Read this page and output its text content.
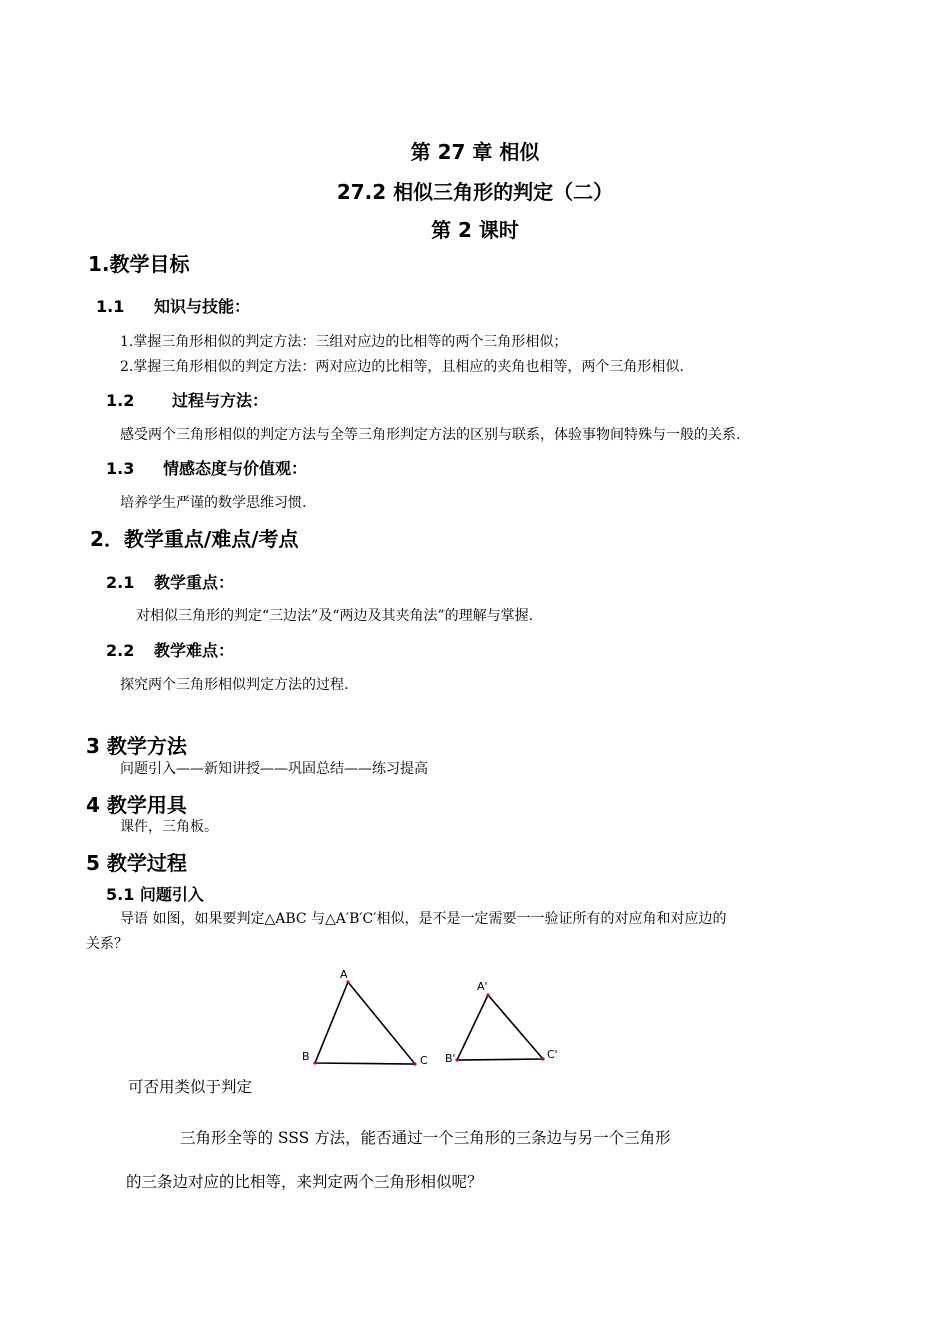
第 27 章 相似
27.2 相似三角形的判定（二）
第 2 课时
1.教学目标
1.1 知识与技能：
1.掌握三角形相似的判定方法：三组对应边的比相等的两个三角形相似；
2.掌握三角形相似的判定方法：两对应边的比相等，且相应的夹角也相等，两个三角形相似.
1.2 过程与方法：
感受两个三角形相似的判定方法与全等三角形判定方法的区别与联系，体验事物间特殊与一般的关系.
1.3 情感态度与价值观：
培养学生严谨的数学思维习惯.
2．教学重点/难点/考点
2.1 教学重点：
对相似三角形的判定“三边法”及“两边及其夹角法”的理解与掌握.
2.2 教学难点：
探究两个三角形相似判定方法的过程.
3 教学方法
问题引入——新知讲授——巩固总结——练习提高
4 教学用具
课件，三角板。
5 教学过程
5.1 问题引入
导语 如图，如果要判定△ABC 与△A′B′C′相似，是不是一定需要一一验证所有的对应角和对应边的
关系？
A
B	C
A'
B'	C'
可否用类似于判定
三角形全等的 SSS 方法，能否通过一个三角形的三条边与另一个三角形
的三条边对应的比相等，来判定两个三角形相似呢？
